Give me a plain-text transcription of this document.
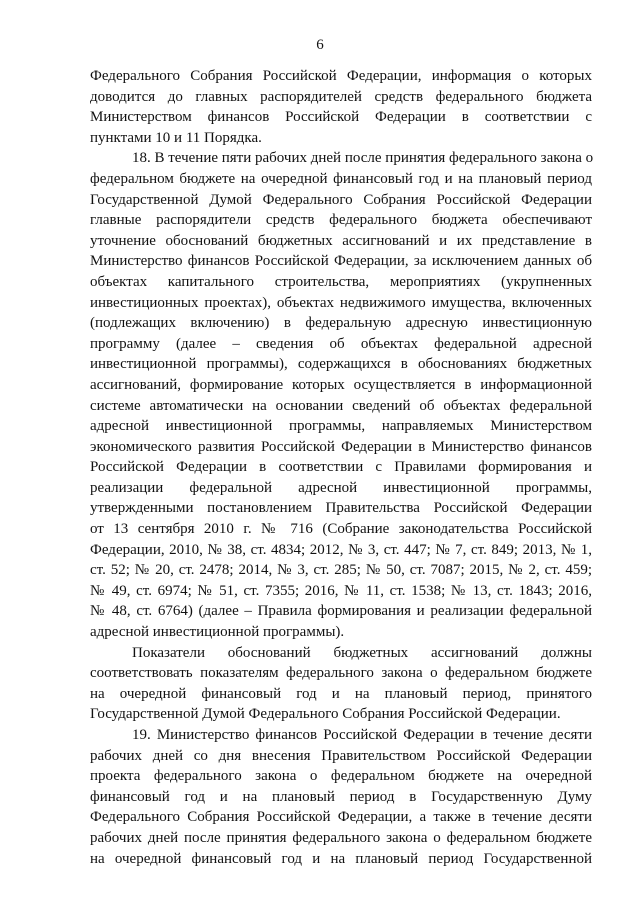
6

Федерального Собрания Российской Федерации, информация о которых
доводится до главных распорядителей средств федерального бюджета
Министерством финансов Российской Федерации в соответствии с
пунктами 10 и 11 Порядка.

18. В течение пяти рабочих дней после принятия федерального закона о
федеральном бюджете на очередной финансовый год и на плановый период
Государственной Думой Федерального Собрания Российской Федерации
главные распорядители средств федерального бюджета обеспечивают
уточнение обоснований бюджетных ассигнований и их представление в
Министерство финансов Российской Федерации, за исключением данных об
объектах капитального строительства, мероприятиях (укрупненных
инвестиционных проектах), объектах недвижимого имущества, включенных
(подлежащих включению) в федеральную адресную инвестиционную
программу (далее – сведения об объектах федеральной адресной
инвестиционной программы), содержащихся в обоснованиях бюджетных
ассигнований, формирование которых осуществляется в информационной
системе автоматически на основании сведений об объектах федеральной
адресной инвестиционной программы, направляемых Министерством
экономического развития Российской Федерации в Министерство финансов
Российской Федерации в соответствии с Правилами формирования и
реализации федеральной адресной инвестиционной программы,
утвержденными постановлением Правительства Российской Федерации
от 13 сентября 2010 г. № 716 (Собрание законодательства Российской
Федерации, 2010, № 38, ст. 4834; 2012, № 3, ст. 447; № 7, ст. 849; 2013, № 1,
ст. 52; № 20, ст. 2478; 2014, № 3, ст. 285; № 50, ст. 7087; 2015, № 2, ст. 459;
№ 49, ст. 6974; № 51, ст. 7355; 2016, № 11, ст. 1538; № 13, ст. 1843; 2016,
№ 48, ст. 6764) (далее – Правила формирования и реализации федеральной
адресной инвестиционной программы).

Показатели обоснований бюджетных ассигнований должны
соответствовать показателям федерального закона о федеральном бюджете
на очередной финансовый год и на плановый период, принятого
Государственной Думой Федерального Собрания Российской Федерации.

19. Министерство финансов Российской Федерации в течение десяти
рабочих дней со дня внесения Правительством Российской Федерации
проекта федерального закона о федеральном бюджете на очередной
финансовый год и на плановый период в Государственную Думу
Федерального Собрания Российской Федерации, а также в течение десяти
рабочих дней после принятия федерального закона о федеральном бюджете
на очередной финансовый год и на плановый период Государственной
